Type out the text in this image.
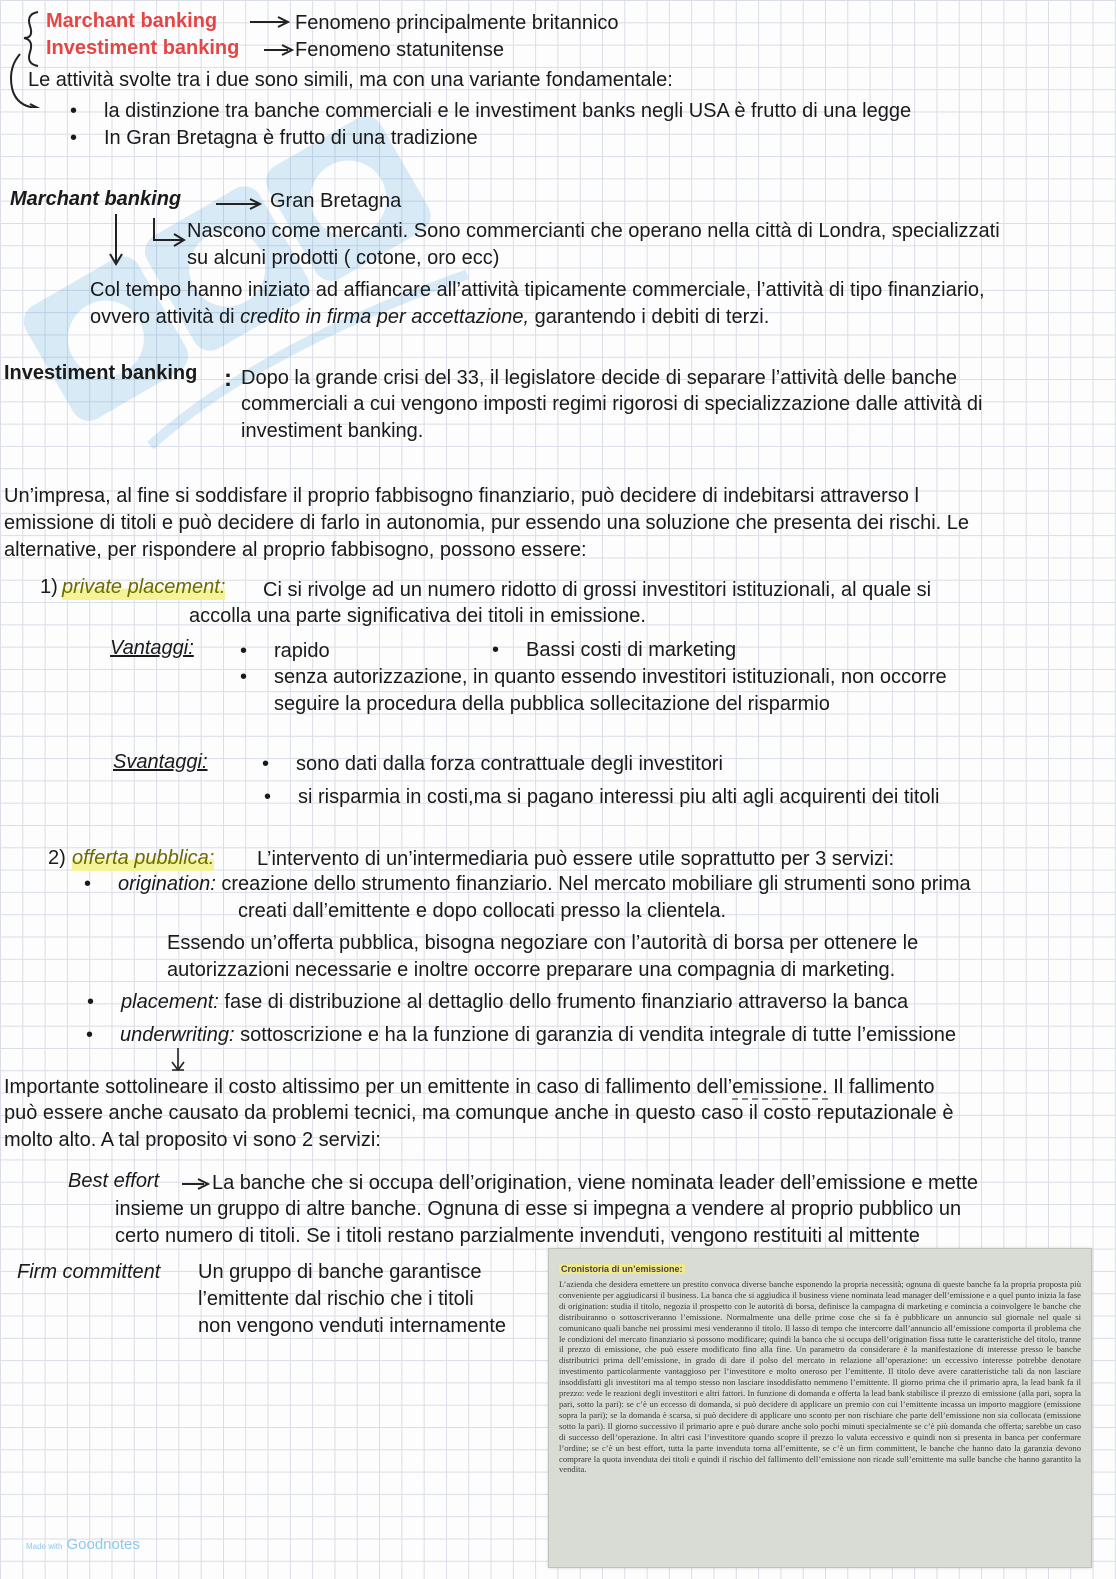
Marchant banking	Fenomeno principalmente britannico
Investiment banking	Fenomeno statunitense
Le attività svolte tra i due sono simili, ma con una variante fondamentale:
• la distinzione tra banche commerciali e le investiment banks negli USA è frutto di una legge
• In Gran Bretagna è frutto di una tradizione
Marchant banking	Gran Bretagna
Nascono come mercanti. Sono commercianti che operano nella città di Londra, specializzati
su alcuni prodotti ( cotone, oro ecc)
Col tempo hanno iniziato ad affiancare all’attività tipicamente commerciale, l’attività di tipo finanziario,
ovvero attività di credito in firma per accettazione, garantendo i debiti di terzi.
Investiment banking : Dopo la grande crisi del 33, il legislatore decide di separare l’attività delle banche
commerciali a cui vengono imposti regimi rigorosi di specializzazione dalle attività di
investiment banking.
Un’impresa, al fine si soddisfare il proprio fabbisogno finanziario, può decidere di indebitarsi attraverso l
emissione di titoli e può decidere di farlo in autonomia, pur essendo una soluzione che presenta dei rischi. Le
alternative, per rispondere al proprio fabbisogno, possono essere:
1) private placement: Ci si rivolge ad un numero ridotto di grossi investitori istituzionali, al quale si
accolla una parte significativa dei titoli in emissione.
Vantaggi:	• rapido	• Bassi costi di marketing
• senza autorizzazione, in quanto essendo investitori istituzionali, non occorre
seguire la procedura della pubblica sollecitazione del risparmio
Svantaggi:	• sono dati dalla forza contrattuale degli investitori
• si risparmia in costi,ma si pagano interessi piu alti agli acquirenti dei titoli
2) offerta pubblica: L’intervento di un’intermediaria può essere utile soprattutto per 3 servizi:
• origination: creazione dello strumento finanziario. Nel mercato mobiliare gli strumenti sono prima
creati dall’emittente e dopo collocati presso la clientela.
Essendo un’offerta pubblica, bisogna negoziare con l’autorità di borsa per ottenere le
autorizzazioni necessarie e inoltre occorre preparare una compagnia di marketing.
• placement: fase di distribuzione al dettaglio dello frumento finanziario attraverso la banca
• underwriting: sottoscrizione e ha la funzione di garanzia di vendita integrale di tutte l’emissione
Importante sottolineare il costo altissimo per un emittente in caso di fallimento dell’emissione. Il fallimento
può essere anche causato da problemi tecnici, ma comunque anche in questo caso il costo reputazionale è
molto alto. A tal proposito vi sono 2 servizi:
Best effort	La banche che si occupa dell’origination, viene nominata leader dell’emissione e mette
insieme un gruppo di altre banche. Ognuna di esse si impegna a vendere al proprio pubblico un
certo numero di titoli. Se i titoli restano parzialmente invenduti, vengono restituiti al mittente
Firm committent Un gruppo di banche garantisce
l’emittente dal rischio che i titoli
non vengono venduti internamente
Cronistoria di un’emissione:
L’azienda che desidera emettere un prestito convoca diverse banche esponendo la propria necessità; ognuna di queste banche fa la propria proposta più conveniente per aggiudicarsi il business. La banca che si aggiudica il business viene nominata lead manager dell’emissione e a quel punto inizia la fase di origination: studia il titolo, negozia il prospetto con le autorità di borsa, definisce la campagna di marketing e comincia a coinvolgere le banche che distribuiranno o sottoscriveranno l’emissione. Normalmente una delle prime cose che si fa è pubblicare un annuncio sul giornale nel quale si comunicano quali banche nei prossimi mesi venderanno il titolo. Il lasso di tempo che intercorre dall’annuncio all’emissione comporta il problema che le condizioni del mercato finanziario si possono modificare; quindi la banca che si occupa dell’origination fissa tutte le caratteristiche del titolo, tranne il prezzo di emissione, che può essere modificato fino alla fine. Un parametro da considerare è la manifestazione di interesse presso le banche distributrici prima dell’emissione, in grado di dare il polso del mercato in relazione all’operazione: un eccessivo interesse potrebbe denotare investimento particolarmente vantaggioso per l’investitore e molto oneroso per l’emittente. Il titolo deve avere caratteristiche tali da non lasciare insoddisfatti gli investitori ma al tempo stesso non lasciare insoddisfatto nemmeno l’emittente. Il giorno prima che il primario apra, la lead bank fa il prezzo: vede le reazioni degli investitori e altri fattori. In funzione di domanda e offerta la lead bank stabilisce il prezzo di emissione (alla pari, sopra la pari, sotto la pari): se c’è un eccesso di domanda, si può decidere di applicare un premio con cui l’emittente incassa un importo maggiore (emissione sopra la pari); se la domanda è scarsa, si può decidere di applicare uno sconto per non rischiare che parte dell’emissione non sia collocata (emissione sotto la pari). Il giorno successivo il primario apre e può durare anche solo pochi minuti specialmente se c’è più domanda che offerta; sarebbe un caso di successo dell’operazione. In altri casi l’investitore quando scopre il prezzo lo valuta eccessivo e quindi non si presenta in banca per confermare l’ordine; se c’è un best effort, tutta la parte invenduta torna all’emittente, se c’è un firm committent, le banche che hanno dato la garanzia devono comprare la quota invenduta dei titoli e quindi il rischio del fallimento dell’emissione non ricade sull’emittente ma sulle banche che hanno garantito la vendita.
Made with Goodnotes
